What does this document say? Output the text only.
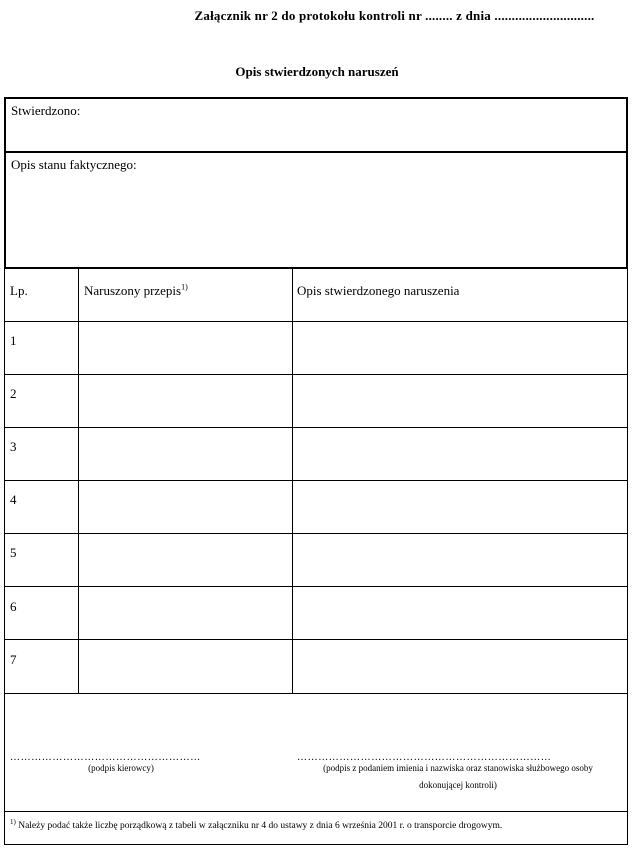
Załącznik nr 2 do protokołu kontroli nr ........ z dnia .............................
Opis stwierdzonych naruszeń
Stwierdzono:
Opis stanu faktycznego:
Lp.	Naruszony przepis$^{1)}$	Opis stwierdzonego naruszenia
1
2
3
4
5
6
7
………………………………………………
(podpis kierowcy)
………………………………………………………………
(podpis z podaniem imienia i nazwiska oraz stanowiska służbowego osoby
dokonującej kontroli)
$^{1)}$ Należy podać także liczbę porządkową z tabeli w załączniku nr 4 do ustawy z dnia 6 września 2001 r. o transporcie drogowym.
